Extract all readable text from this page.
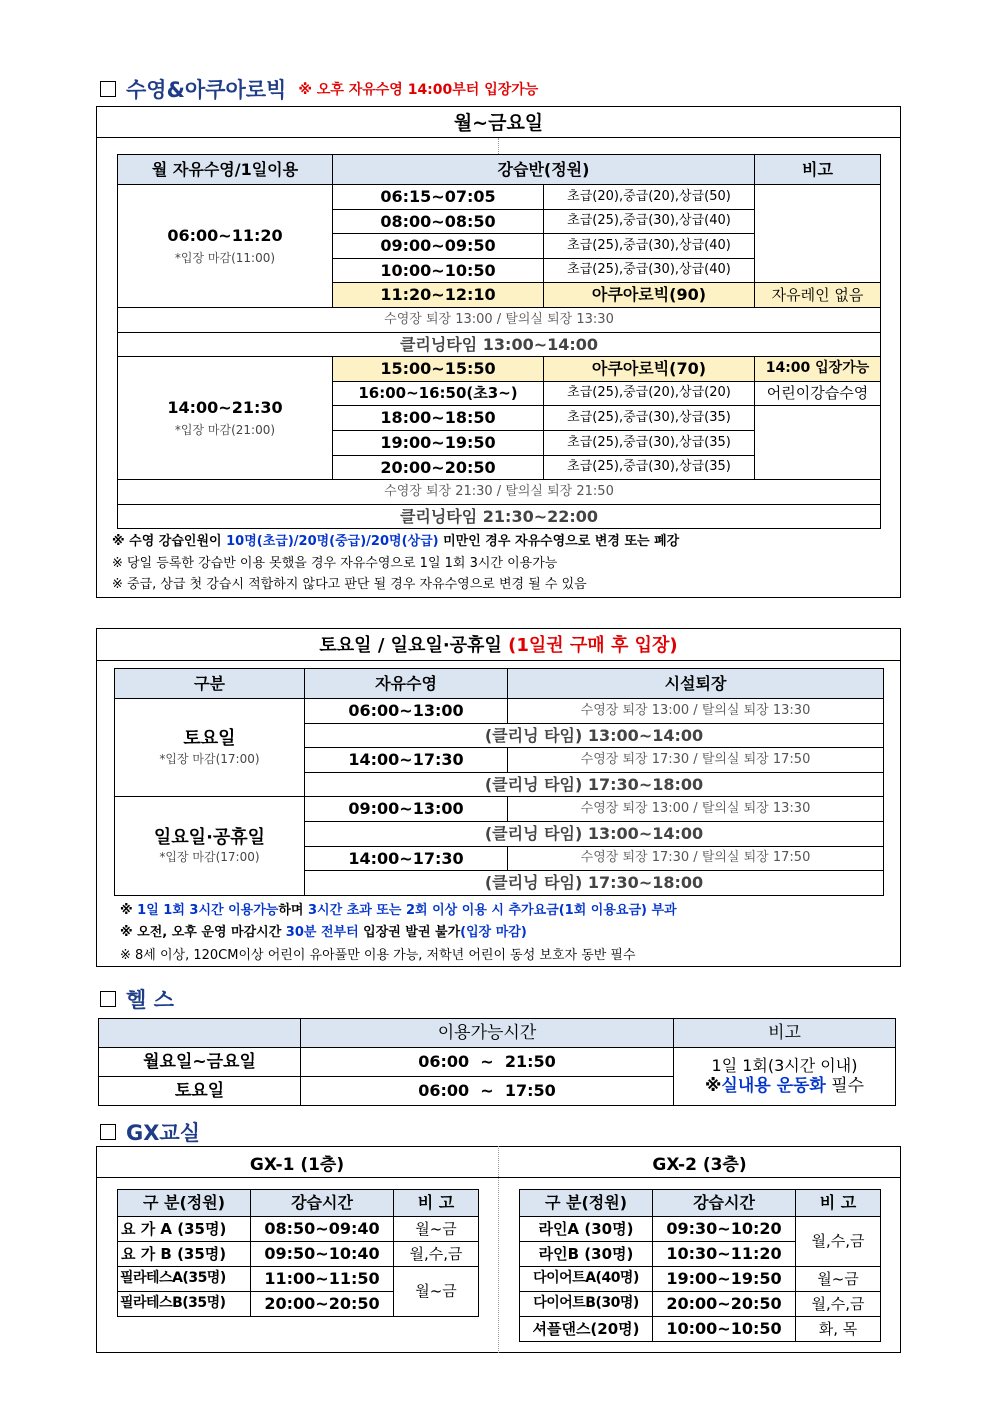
수영&아쿠아로빅 ※ 오후 자유수영 14:00부터 입장가능
월~금요일
월 자유수영/1일이용	강습반(정원)		비고

06:00~11:20
*입장 마감(11:00)	06:15~07:05	초급(20),중급(20),상급(50)	
	08:00~08:50	초급(25),중급(30),상급(40)	
	09:00~09:50	초급(25),중급(30),상급(40)	
	10:00~10:50	초급(25),중급(30),상급(40)	
	11:20~12:10	아쿠아로빅(90)	자유레인 없음
수영장 퇴장 13:00 / 탈의실 퇴장 13:30			
클리닝타임 13:00~14:00			

14:00~21:30
*입장 마감(21:00)	15:00~15:50	아쿠아로빅(70)	14:00 입장가능
	16:00~16:50(초3~)	초급(25),중급(20),상급(20)	어린이강습수영
	18:00~18:50	초급(25),중급(30),상급(35)	
	19:00~19:50	초급(25),중급(30),상급(35)	
	20:00~20:50	초급(25),중급(30),상급(35)	
수영장 퇴장 21:30 / 탈의실 퇴장 21:50			
클리닝타임 21:30~22:00			
※ 수영 강습인원이 10명(초급)/20명(중급)/20명(상급) 미만인 경우 자유수영으로 변경 또는 폐강
※ 당일 등록한 강습반 이용 못했을 경우 자유수영으로 1일 1회 3시간 이용가능
※ 중급, 상급 첫 강습시 적합하지 않다고 판단 될 경우 자유수영으로 변경 될 수 있음
토요일 / 일요일·공휴일
(1일권 구매 후 입장)
구분	자유수영	시설퇴장

토요일
*입장 마감(17:00)	06:00~13:00	수영장 퇴장 13:00 / 탈의실 퇴장 13:30
	(클리닝 타임) 13:00~14:00	
	14:00~17:30	수영장 퇴장 17:30 / 탈의실 퇴장 17:50
	(클리닝 타임) 17:30~18:00	

일요일·공휴일
*입장 마감(17:00)	09:00~13:00	수영장 퇴장 13:00 / 탈의실 퇴장 13:30
	(클리닝 타임) 13:00~14:00	
	14:00~17:30	수영장 퇴장 17:30 / 탈의실 퇴장 17:50
	(클리닝 타임) 17:30~18:00	
※ 1일 1회 3시간 이용가능하며 3시간 초과 또는 2회 이상 이용 시 추가요금(1회 이용요금) 부과
※ 오전, 오후 운영 마감시간 30분 전부터 입장권 발권 불가(입장 마감)
※ 8세 이상, 120CM이상 어린이 유아풀만 이용 가능, 저학년 어린이 동성 보호자 동반 필수
헬 스
	이용가능시간	비고
월요일~금요일	06:00  ~  21:50	1일 1회(3시간 이내)
※실내용 운동화 필수

토요일	06:00  ~  17:50	
GX교실
GX-1 (1층)	GX-2 (3층)
구 분(정원)	강습시간	비 고
요 가 A (35명)	08:50~09:40	월~금
요 가 B (35명)	09:50~10:40	월,수,금
필라테스A(35명)	11:00~11:50	월~금
필라테스B(35명)	20:00~20:50	
구 분(정원)	강습시간	비 고
라인A (30명)	09:30~10:20	월,수,금
라인B (30명)	10:30~11:20	
다이어트A(40명)	19:00~19:50	월~금
다이어트B(30명)	20:00~20:50	월,수,금
셔플댄스(20명)	10:00~10:50	화, 목
